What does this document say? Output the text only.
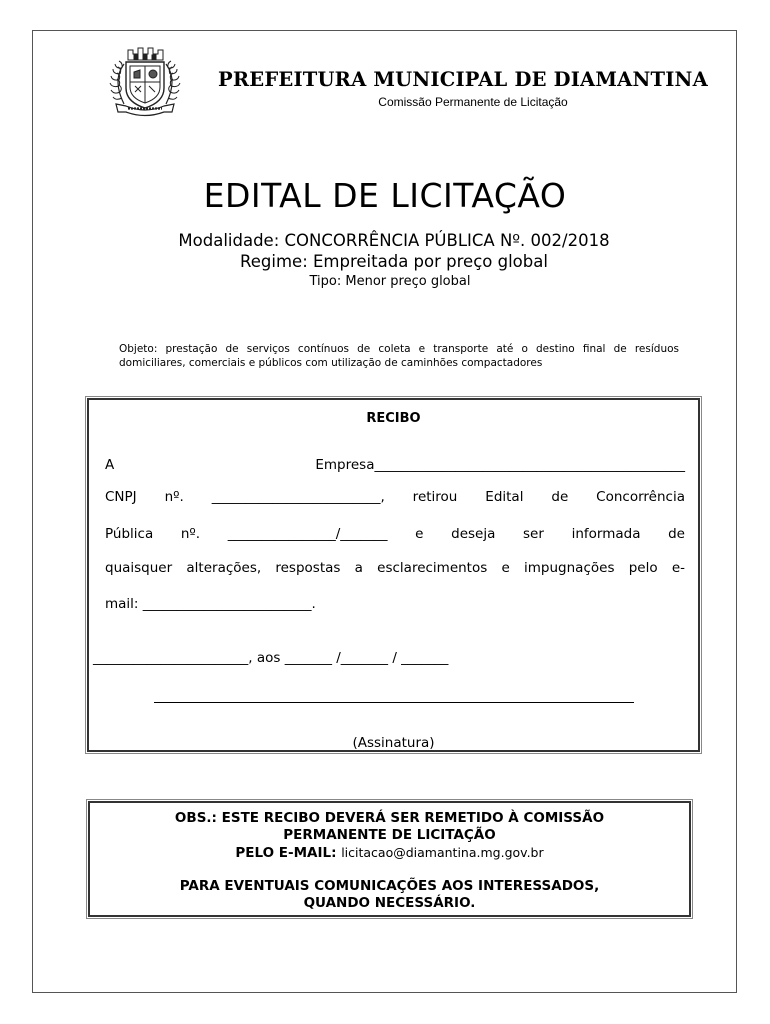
PREFEITURA MUNICIPAL DE DIAMANTINA
Comissão Permanente de Licitação
EDITAL DE LICITAÇÃO
Modalidade: CONCORRÊNCIA PÚBLICA Nº. 002/2018
Regime: Empreitada por preço global
Tipo: Menor preço global
Objeto: prestação de serviços contínuos de coleta e transporte até o destino final de resíduos domiciliares, comerciais e públicos com utilização de caminhões compactadores
RECIBO
A Empresa______________________________________________
CNPJ nº. _________________________, retirou Edital de Concorrência
Pública nº. ________________/_______ e deseja ser informada de
quaisquer alterações, respostas a esclarecimentos e impugnações pelo e-
mail: _________________________.
_______________________, aos _______ /_______ / _______
(Assinatura)
OBS.: ESTE RECIBO DEVERÁ SER REMETIDO À COMISSÃO
PERMANENTE DE LICITAÇÃO
PELO E-MAIL: licitacao@diamantina.mg.gov.br
PARA EVENTUAIS COMUNICAÇÕES AOS INTERESSADOS,
QUANDO NECESSÁRIO.
